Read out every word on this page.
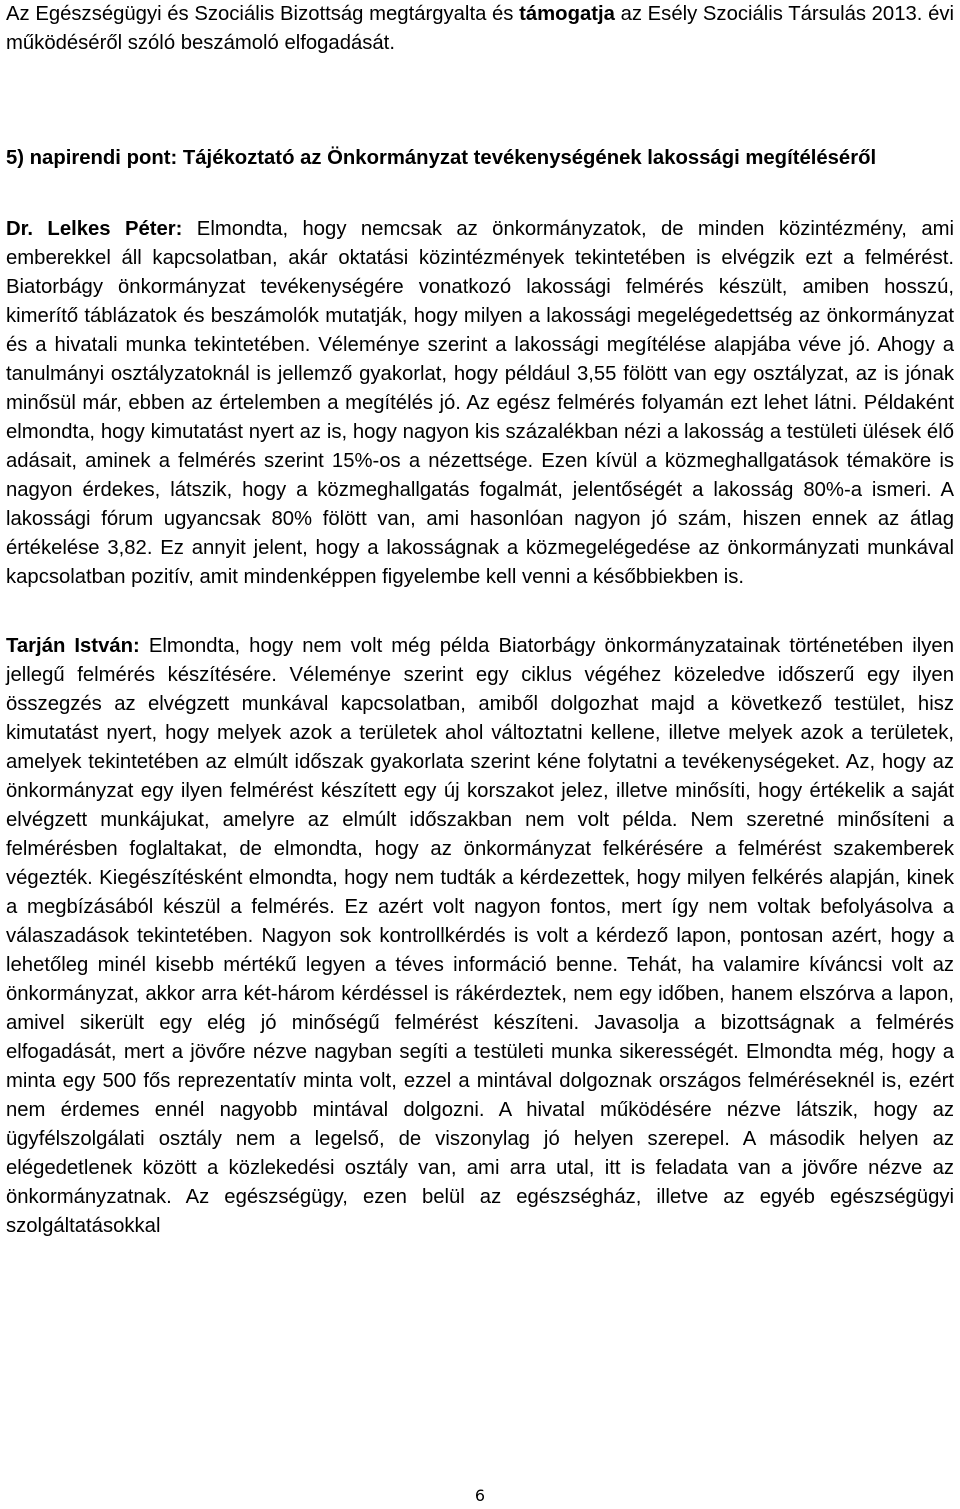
Az Egészségügyi és Szociális Bizottság megtárgyalta és támogatja az Esély Szociális Társulás 2013. évi működéséről szóló beszámoló elfogadását.

5) napirendi pont: Tájékoztató az Önkormányzat tevékenységének lakossági megítéléséről

Dr. Lelkes Péter: Elmondta, hogy nemcsak az önkormányzatok, de minden közintézmény, ami emberekkel áll kapcsolatban, akár oktatási közintézmények tekintetében is elvégzik ezt a felmérést. Biatorbágy önkormányzat tevékenységére vonatkozó lakossági felmérés készült, amiben hosszú, kimerítő táblázatok és beszámolók mutatják, hogy milyen a lakossági megelégedettség az önkormányzat és a hivatali munka tekintetében. Véleménye szerint a lakossági megítélése alapjába véve jó. Ahogy a tanulmányi osztályzatoknál is jellemző gyakorlat, hogy például 3,55 fölött van egy osztályzat, az is jónak minősül már, ebben az értelemben a megítélés jó. Az egész felmérés folyamán ezt lehet látni. Példaként elmondta, hogy kimutatást nyert az is, hogy nagyon kis százalékban nézi a lakosság a testületi ülések élő adásait, aminek a felmérés szerint 15%-os a nézettsége. Ezen kívül a közmeghallgatások témaköre is nagyon érdekes, látszik, hogy a közmeghallgatás fogalmát, jelentőségét a lakosság 80%-a ismeri. A lakossági fórum ugyancsak 80% fölött van, ami hasonlóan nagyon jó szám, hiszen ennek az átlag értékelése 3,82. Ez annyit jelent, hogy a lakosságnak a közmegelégedése az önkormányzati munkával kapcsolatban pozitív, amit mindenképpen figyelembe kell venni a későbbiekben is.

Tarján István: Elmondta, hogy nem volt még példa Biatorbágy önkormányzatainak történetében ilyen jellegű felmérés készítésére. Véleménye szerint egy ciklus végéhez közeledve időszerű egy ilyen összegzés az elvégzett munkával kapcsolatban, amiből dolgozhat majd a következő testület, hisz kimutatást nyert, hogy melyek azok a területek ahol változtatni kellene, illetve melyek azok a területek, amelyek tekintetében az elmúlt időszak gyakorlata szerint kéne folytatni a tevékenységeket. Az, hogy az önkormányzat egy ilyen felmérést készített egy új korszakot jelez, illetve minősíti, hogy értékelik a saját elvégzett munkájukat, amelyre az elmúlt időszakban nem volt példa. Nem szeretné minősíteni a felmérésben foglaltakat, de elmondta, hogy az önkormányzat felkérésére a felmérést szakemberek végezték. Kiegészítésként elmondta, hogy nem tudták a kérdezettek, hogy milyen felkérés alapján, kinek a megbízásából készül a felmérés. Ez azért volt nagyon fontos, mert így nem voltak befolyásolva a válaszadások tekintetében. Nagyon sok kontrollkérdés is volt a kérdező lapon, pontosan azért, hogy a lehetőleg minél kisebb mértékű legyen a téves információ benne. Tehát, ha valamire kíváncsi volt az önkormányzat, akkor arra két-három kérdéssel is rákérdeztek, nem egy időben, hanem elszórva a lapon, amivel sikerült egy elég jó minőségű felmérést készíteni. Javasolja a bizottságnak a felmérés elfogadását, mert a jövőre nézve nagyban segíti a testületi munka sikerességét. Elmondta még, hogy a minta egy 500 fős reprezentatív minta volt, ezzel a mintával dolgoznak országos felméréseknél is, ezért nem érdemes ennél nagyobb mintával dolgozni. A hivatal működésére nézve látszik, hogy az ügyfélszolgálati osztály nem a legelső, de viszonylag jó helyen szerepel. A második helyen az elégedetlenek között a közlekedési osztály van, ami arra utal, itt is feladata van a jövőre nézve az önkormányzatnak. Az egészségügy, ezen belül az egészségház, illetve az egyéb egészségügyi szolgáltatásokkal

6
